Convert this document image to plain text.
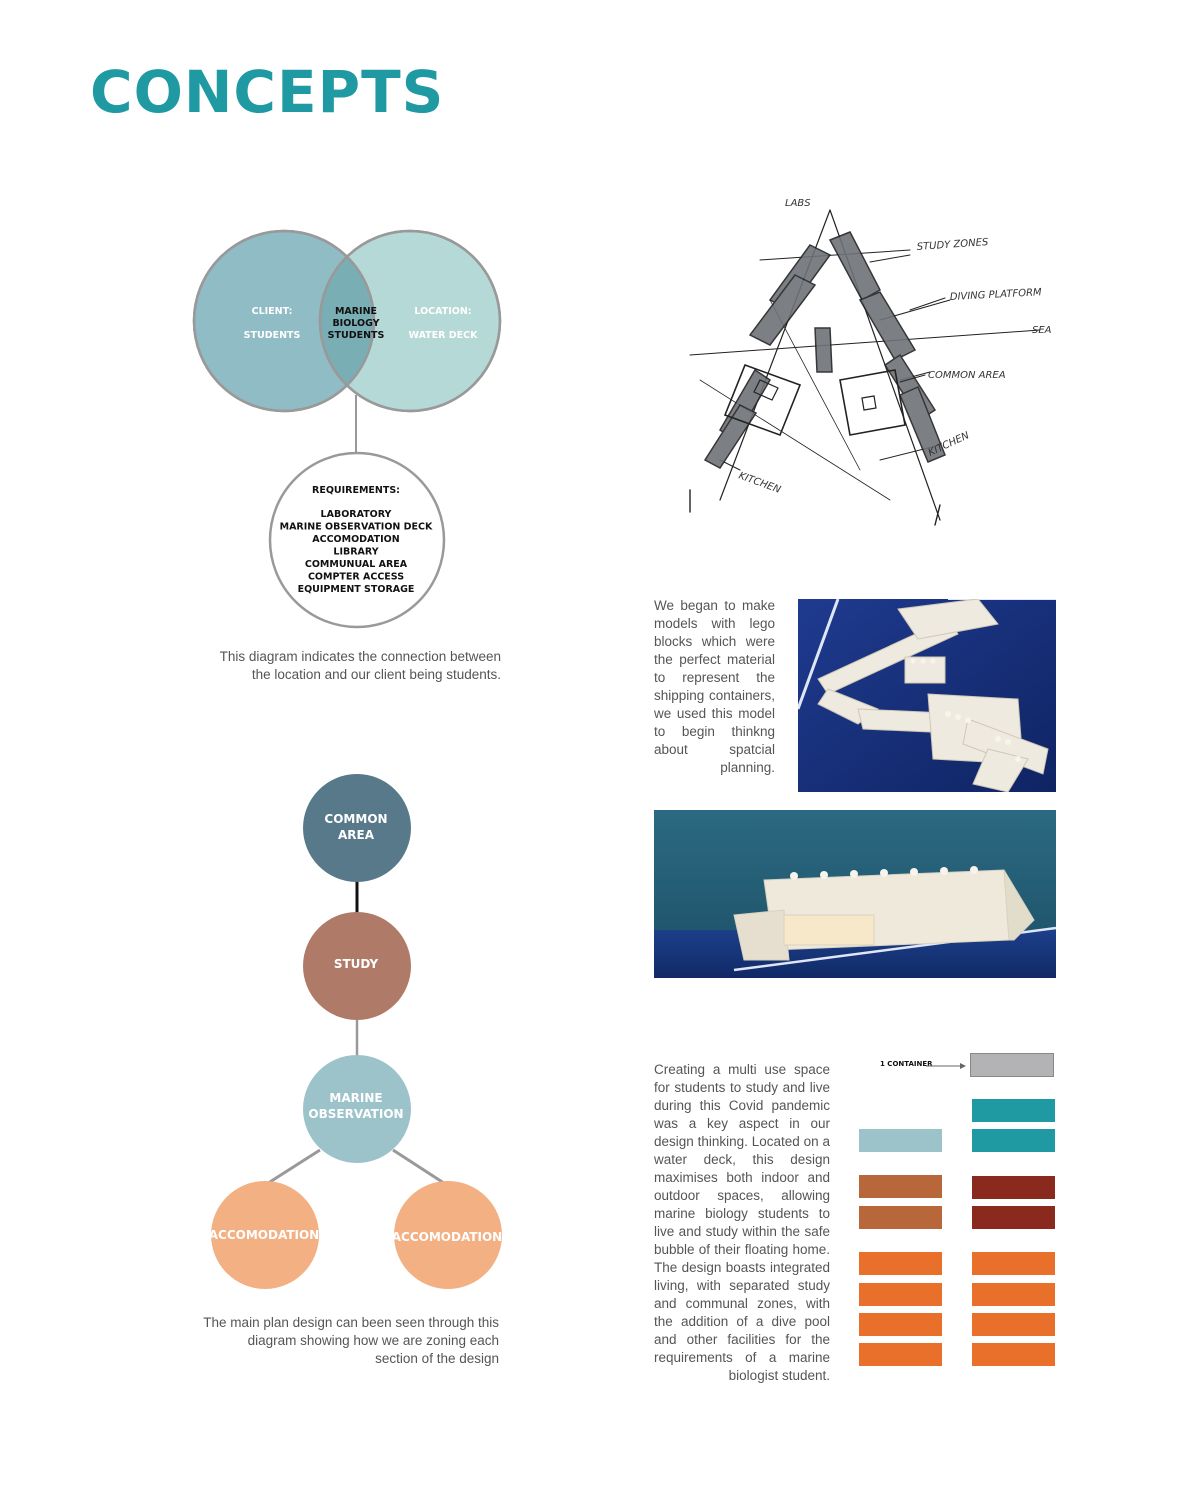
CONCEPTS
CLIENT:
STUDENTS
MARINE
BIOLOGY
STUDENTS
LOCATION:
WATER DECK
REQUIREMENTS:
LABORATORY
MARINE OBSERVATION DECK
ACCOMODATION
LIBRARY
COMMUNUAL AREA
COMPTER ACCESS
EQUIPMENT STORAGE
COMMON
AREA
STUDY
MARINE
OBSERVATION
ACCOMODATION	ACCOMODATION
LABS
STUDY ZONES
DIVING PLATFORM
SEA
COMMON AREA
KITCHEN
KITCHEN

This diagram indicates the connection between the location and our client being students.

We began to make models with lego blocks which were the perfect material to represent the shipping containers, we used this model to begin thinkng about spatcial planning.

The main plan design can been seen through this diagram showing how we are zoning each section of the design

Creating a multi use space for students to study and live during this Covid pandemic was a key aspect in our design thinking. Located on a water deck, this design maximises both indoor and outdoor spaces, allowing marine biology students to live and study within the safe bubble of their floating home. The design boasts integrated living, with separated study and communal zones, with the addition of a dive pool and other facilities for the requirements of a marine biologist student.

1 CONTAINER
